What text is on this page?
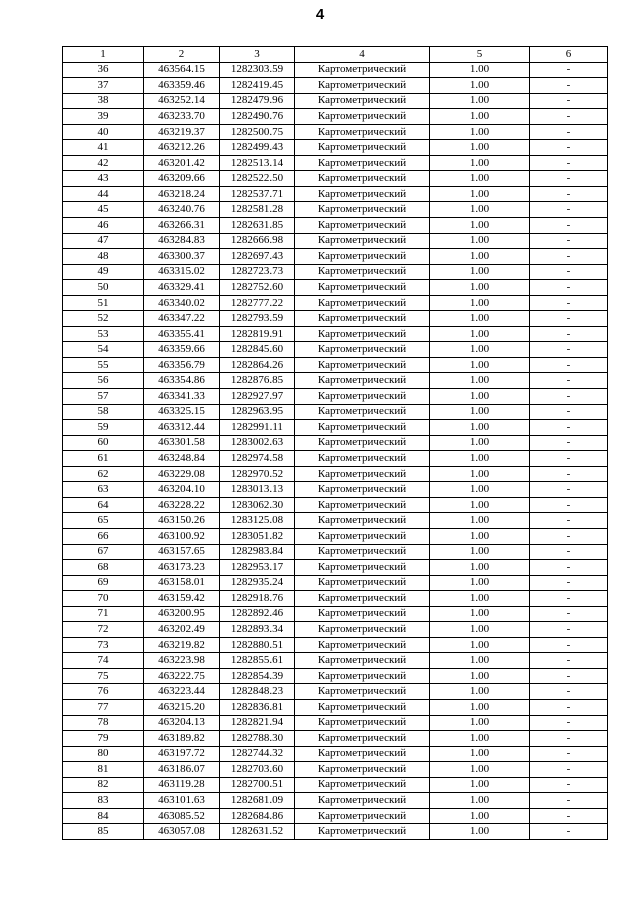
4
1	2	3	4	5	6
36	463564.15	1282303.59	Картометрический	1.00	-
37	463359.46	1282419.45	Картометрический	1.00	-
38	463252.14	1282479.96	Картометрический	1.00	-
39	463233.70	1282490.76	Картометрический	1.00	-
40	463219.37	1282500.75	Картометрический	1.00	-
41	463212.26	1282499.43	Картометрический	1.00	-
42	463201.42	1282513.14	Картометрический	1.00	-
43	463209.66	1282522.50	Картометрический	1.00	-
44	463218.24	1282537.71	Картометрический	1.00	-
45	463240.76	1282581.28	Картометрический	1.00	-
46	463266.31	1282631.85	Картометрический	1.00	-
47	463284.83	1282666.98	Картометрический	1.00	-
48	463300.37	1282697.43	Картометрический	1.00	-
49	463315.02	1282723.73	Картометрический	1.00	-
50	463329.41	1282752.60	Картометрический	1.00	-
51	463340.02	1282777.22	Картометрический	1.00	-
52	463347.22	1282793.59	Картометрический	1.00	-
53	463355.41	1282819.91	Картометрический	1.00	-
54	463359.66	1282845.60	Картометрический	1.00	-
55	463356.79	1282864.26	Картометрический	1.00	-
56	463354.86	1282876.85	Картометрический	1.00	-
57	463341.33	1282927.97	Картометрический	1.00	-
58	463325.15	1282963.95	Картометрический	1.00	-
59	463312.44	1282991.11	Картометрический	1.00	-
60	463301.58	1283002.63	Картометрический	1.00	-
61	463248.84	1282974.58	Картометрический	1.00	-
62	463229.08	1282970.52	Картометрический	1.00	-
63	463204.10	1283013.13	Картометрический	1.00	-
64	463228.22	1283062.30	Картометрический	1.00	-
65	463150.26	1283125.08	Картометрический	1.00	-
66	463100.92	1283051.82	Картометрический	1.00	-
67	463157.65	1282983.84	Картометрический	1.00	-
68	463173.23	1282953.17	Картометрический	1.00	-
69	463158.01	1282935.24	Картометрический	1.00	-
70	463159.42	1282918.76	Картометрический	1.00	-
71	463200.95	1282892.46	Картометрический	1.00	-
72	463202.49	1282893.34	Картометрический	1.00	-
73	463219.82	1282880.51	Картометрический	1.00	-
74	463223.98	1282855.61	Картометрический	1.00	-
75	463222.75	1282854.39	Картометрический	1.00	-
76	463223.44	1282848.23	Картометрический	1.00	-
77	463215.20	1282836.81	Картометрический	1.00	-
78	463204.13	1282821.94	Картометрический	1.00	-
79	463189.82	1282788.30	Картометрический	1.00	-
80	463197.72	1282744.32	Картометрический	1.00	-
81	463186.07	1282703.60	Картометрический	1.00	-
82	463119.28	1282700.51	Картометрический	1.00	-
83	463101.63	1282681.09	Картометрический	1.00	-
84	463085.52	1282684.86	Картометрический	1.00	-
85	463057.08	1282631.52	Картометрический	1.00	-
